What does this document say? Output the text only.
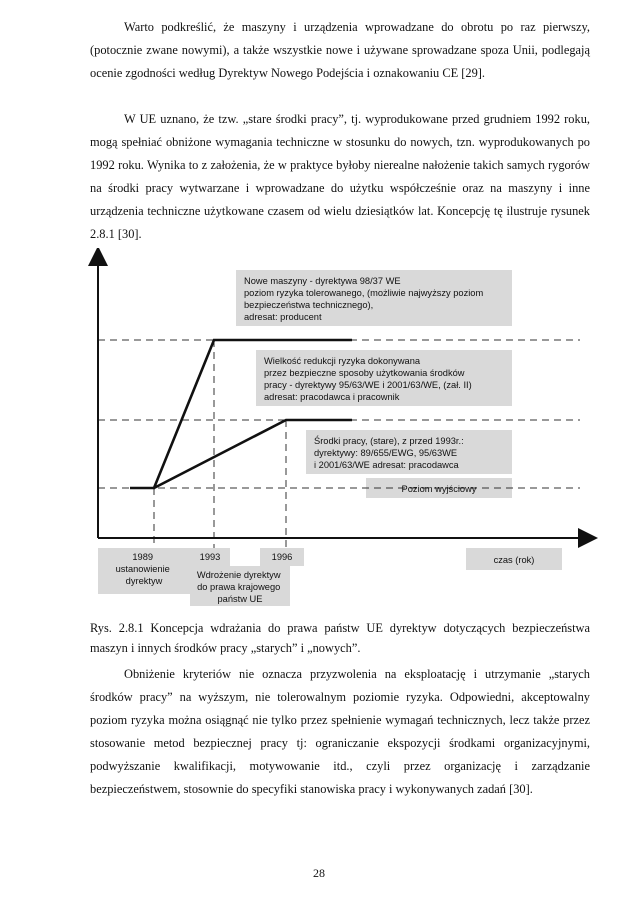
Warto podkreślić, że maszyny i urządzenia wprowadzane do obrotu po raz pierwszy, (potocznie zwane nowymi), a także wszystkie nowe i używane sprowadzane spoza Unii, podlegają ocenie zgodności według Dyrektyw Nowego Podejścia i oznakowaniu CE [29].

W UE uznano, że tzw. „stare środki pracy”, tj. wyprodukowane przed grudniem 1992 roku, mogą spełniać obniżone wymagania techniczne w stosunku do nowych, tzn. wyprodukowanych po 1992 roku. Wynika to z założenia, że w praktyce byłoby nierealne nałożenie takich samych rygorów na środki pracy wytwarzane i wprowadzane do użytku współcześnie oraz na maszyny i inne urządzenia techniczne użytkowane czasem od wielu dziesiątków lat. Koncepcję tę ilustruje rysunek 2.8.1 [30].

Nowe maszyny - dyrektywa 98/37 WE poziom ryzyka tolerowanego, (możliwie najwyższy poziom bezpieczeństwa technicznego), adresat: producent
Wielkość redukcji ryzyka dokonywana przez bezpieczne sposoby użytkowania środków pracy - dyrektywy 95/63/WE i 2001/63/WE, (zał. II) adresat: pracodawca i pracownik
Środki pracy, (stare), z przed 1993r.: dyrektywy: 89/655/EWG, 95/63WE i 2001/63/WE adresat: pracodawca
Poziom wyjściowy
1989 ustanowienie dyrektyw
1993	1996
Wdrożenie dyrektyw do prawa krajowego państw UE
czas (rok)

Rys. 2.8.1 Koncepcja wdrażania do prawa państw UE dyrektyw dotyczących bezpieczeństwa maszyn i innych środków pracy „starych” i „nowych”.

Obniżenie kryteriów nie oznacza przyzwolenia na eksploatację i utrzymanie „starych środków pracy” na wyższym, nie tolerowalnym poziomie ryzyka. Odpowiedni, akceptowalny poziom ryzyka można osiągnąć nie tylko przez spełnienie wymagań technicznych, lecz także przez stosowanie metod bezpiecznej pracy tj: ograniczanie ekspozycji środkami organizacyjnymi, podwyższanie kwalifikacji, motywowanie itd., czyli przez organizację i zarządzanie bezpieczeństwem, stosownie do specyfiki stanowiska pracy i wykonywanych zadań [30].

28
